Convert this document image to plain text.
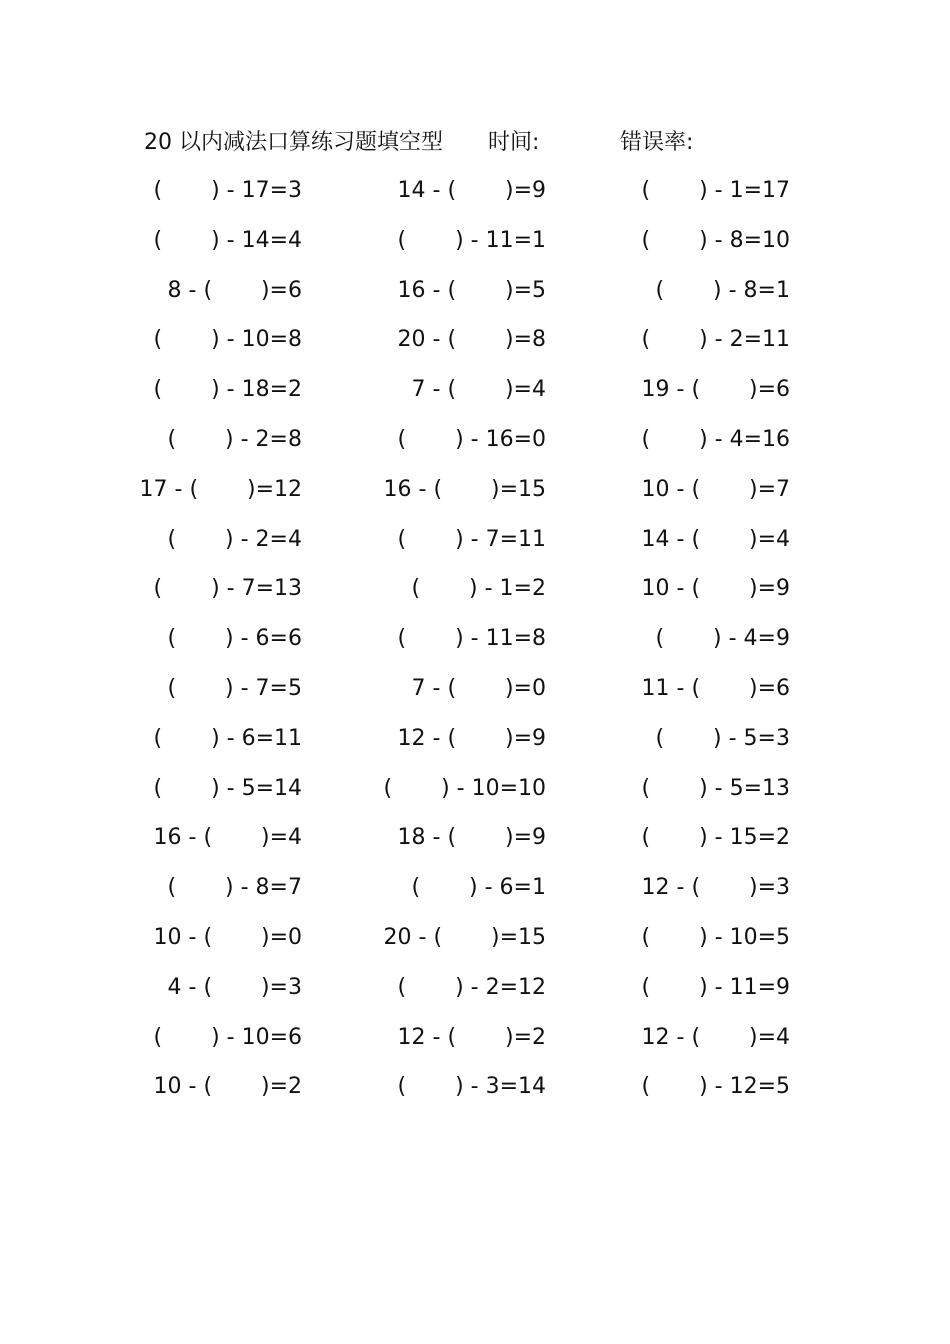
20 以内减法口算练习题填空型 时间:	错误率:
(       ) - 17=3	14 - (       )=9	(       ) - 1=17
(       ) - 14=4	(       ) - 11=1	(       ) - 8=10
8 - (       )=6	16 - (       )=5	(       ) - 8=1
(       ) - 10=8	20 - (       )=8	(       ) - 2=11
(       ) - 18=2	7 - (       )=4	19 - (       )=6
(       ) - 2=8	(       ) - 16=0	(       ) - 4=16
17 - (       )=12	16 - (       )=15	10 - (       )=7
(       ) - 2=4	(       ) - 7=11	14 - (       )=4
(       ) - 7=13	(       ) - 1=2	10 - (       )=9
(       ) - 6=6	(       ) - 11=8	(       ) - 4=9
(       ) - 7=5	7 - (       )=0	11 - (       )=6
(       ) - 6=11	12 - (       )=9	(       ) - 5=3
(       ) - 5=14	(       ) - 10=10	(       ) - 5=13
16 - (       )=4	18 - (       )=9	(       ) - 15=2
(       ) - 8=7	(       ) - 6=1	12 - (       )=3
10 - (       )=0	20 - (       )=15	(       ) - 10=5
4 - (       )=3	(       ) - 2=12	(       ) - 11=9
(       ) - 10=6	12 - (       )=2	12 - (       )=4
10 - (       )=2	(       ) - 3=14	(       ) - 12=5
